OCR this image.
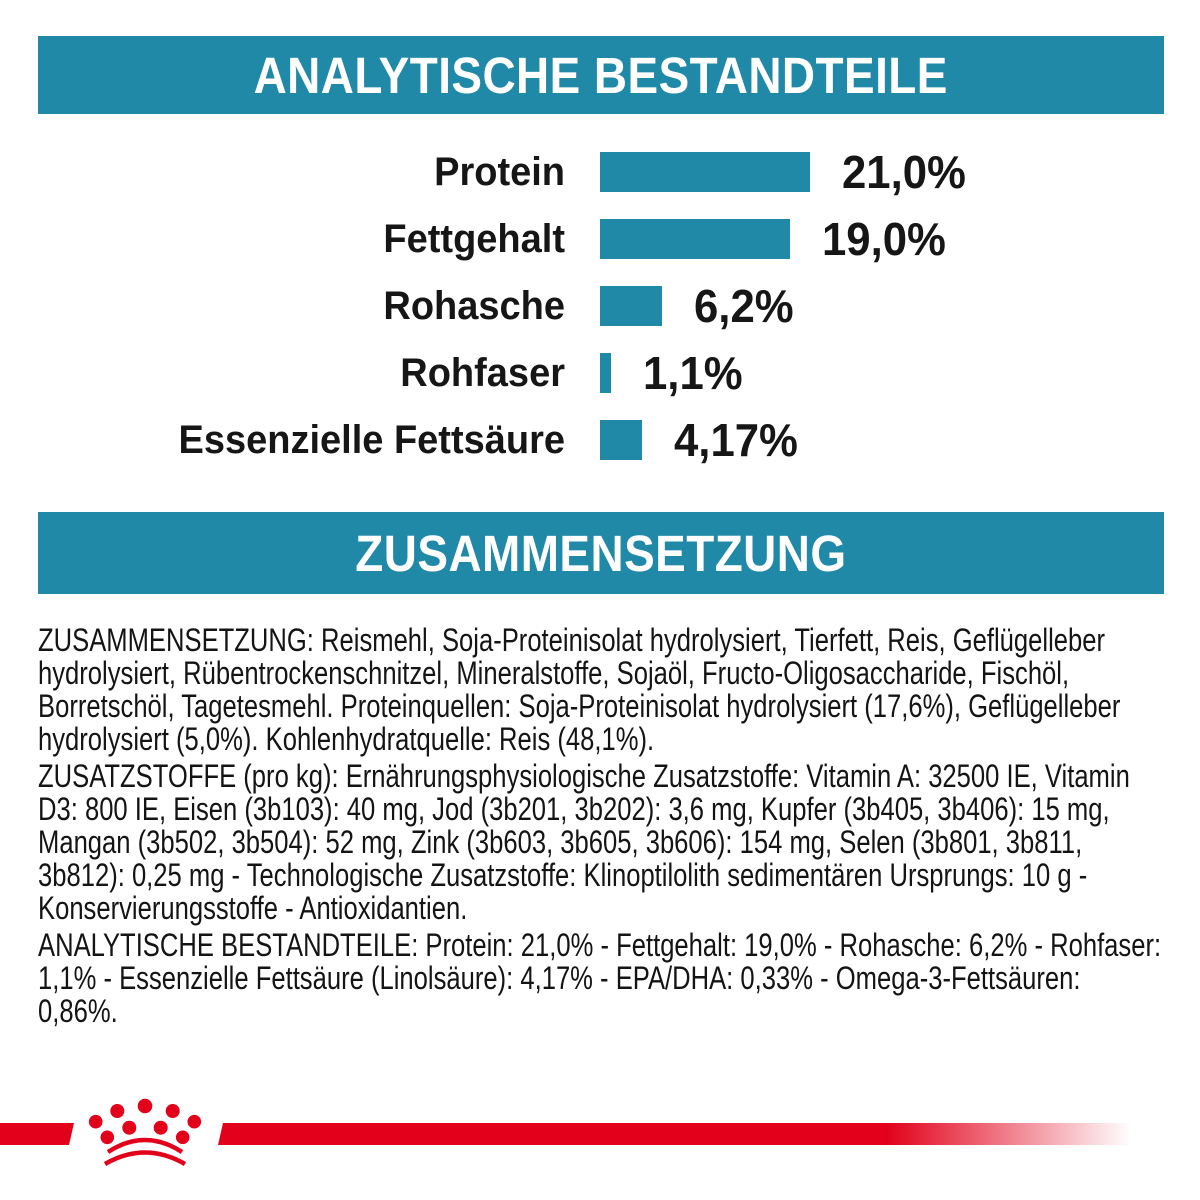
ANALYTISCHE BESTANDTEILE
Protein	21,0%
Fettgehalt	19,0%
Rohasche	6,2%
Rohfaser 1,1%
Essenzielle Fettsäure 4,17%
ZUSAMMENSETZUNG

ZUSAMMENSETZUNG: Reismehl, Soja-Proteinisolat hydrolysiert, Tierfett, Reis, Geflügelleber hydrolysiert, Rübentrockenschnitzel, Mineralstoffe, Sojaöl, Fructo-Oligosaccharide, Fischöl, Borretschöl, Tagetesmehl. Proteinquellen: Soja-Proteinisolat hydrolysiert (17,6%), Geflügelleber hydrolysiert (5,0%). Kohlenhydratquelle: Reis (48,1%).

ZUSATZSTOFFE (pro kg): Ernährungsphysiologische Zusatzstoffe: Vitamin A: 32500 IE, Vitamin D3: 800 IE, Eisen (3b103): 40 mg, Jod (3b201, 3b202): 3,6 mg, Kupfer (3b405, 3b406): 15 mg, Mangan (3b502, 3b504): 52 mg, Zink (3b603, 3b605, 3b606): 154 mg, Selen (3b801, 3b811, 3b812): 0,25 mg - Technologische Zusatzstoffe: Klinoptilolith sedimentären Ursprungs: 10 g - Konservierungsstoffe - Antioxidantien.

ANALYTISCHE BESTANDTEILE: Protein: 21,0% - Fettgehalt: 19,0% - Rohasche: 6,2% - Rohfaser: 1,1% - Essenzielle Fettsäure (Linolsäure): 4,17% - EPA/DHA: 0,33% - Omega-3-Fettsäuren: 0,86%.
